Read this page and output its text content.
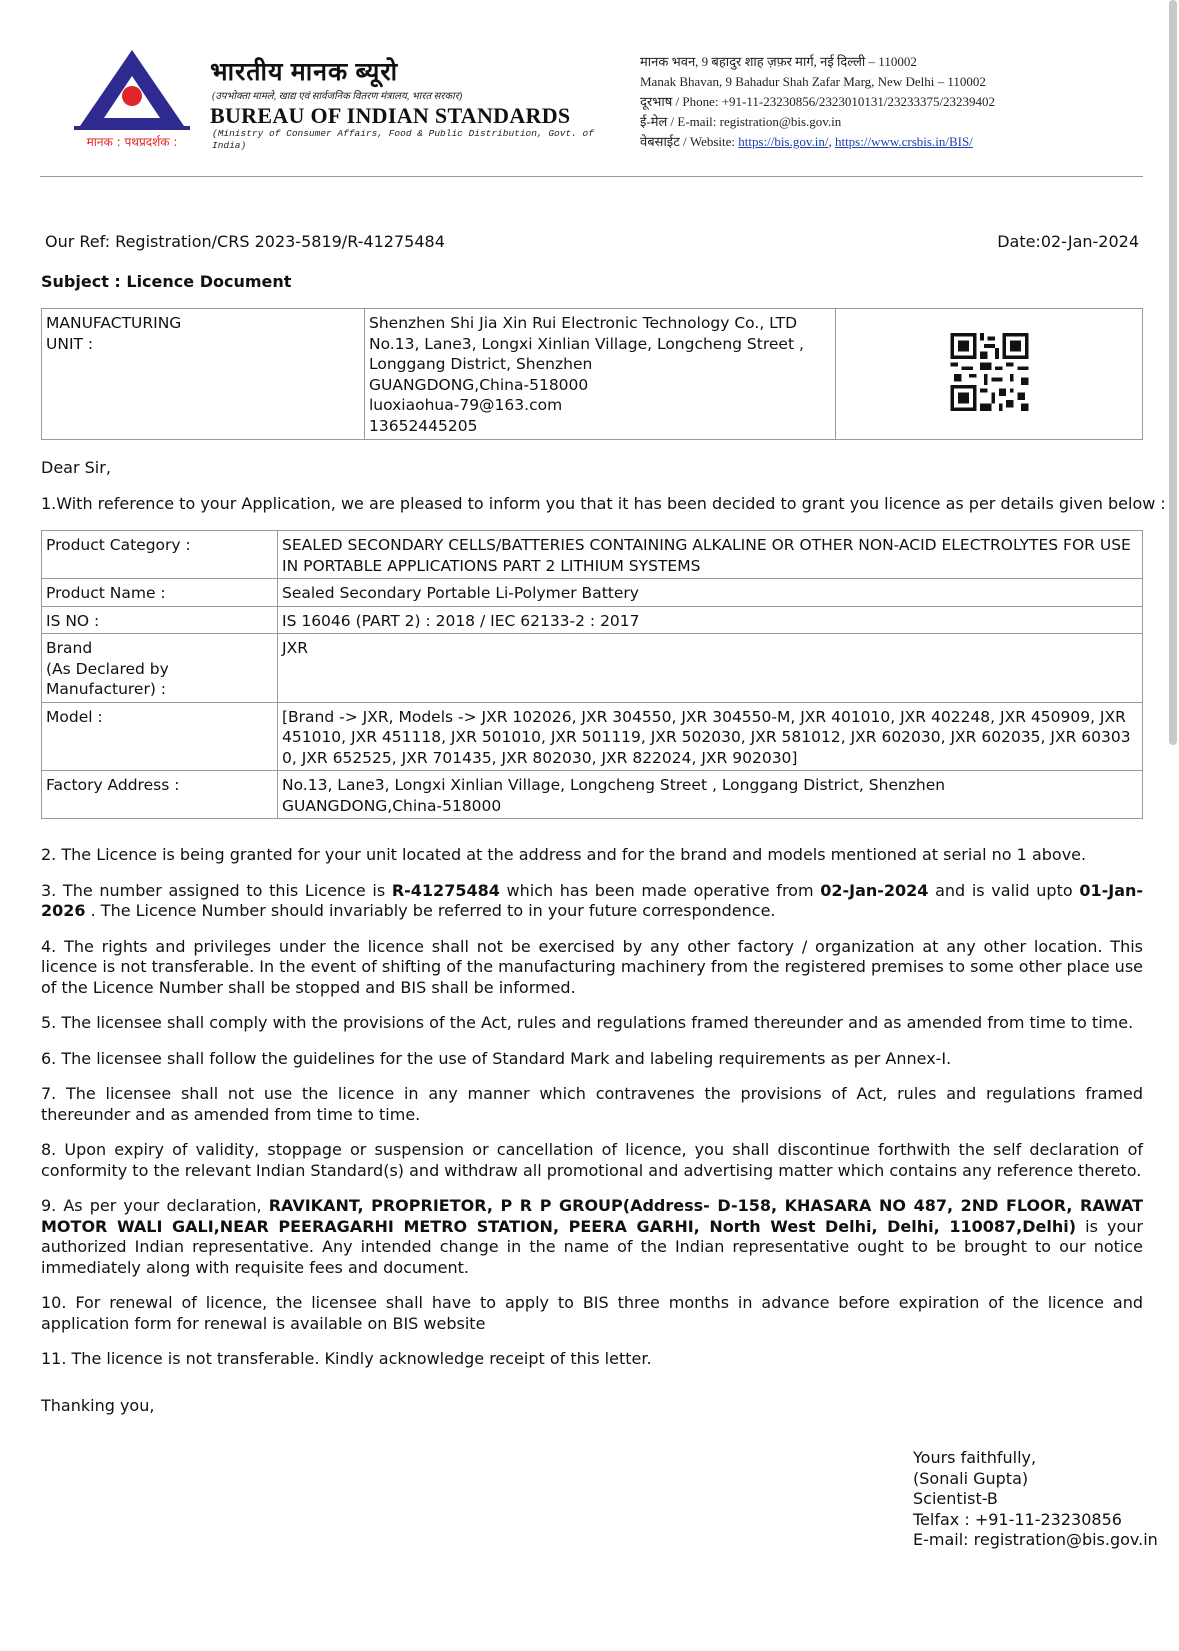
मानक : पथप्रदर्शक :
भारतीय मानक ब्यूरो
(उपभोक्ता मामले, खाद्य एवं सार्वजनिक वितरण मंत्रालय, भारत सरकार)
BUREAU OF INDIAN STANDARDS
(Ministry of Consumer Affairs, Food & Public Distribution, Govt. of India)
मानक भवन, 9 बहादुर शाह ज़फ़र मार्ग, नई दिल्ली – 110002
Manak Bhavan, 9 Bahadur Shah Zafar Marg, New Delhi – 110002
दूरभाष / Phone: +91-11-23230856/2323010131/23233375/23239402
ई-मेल / E-mail: registration@bis.gov.in
वेबसाईट / Website: https://bis.gov.in/, https://www.crsbis.in/BIS/
Our Ref: Registration/CRS 2023-5819/R-41275484	Date:02-Jan-2024
Subject : Licence Document
MANUFACTURING
UNIT :

Shenzhen Shi Jia Xin Rui Electronic Technology Co., LTD
No.13, Lane3, Longxi Xinlian Village, Longcheng Street ,
Longgang District, Shenzhen
GUANGDONG,China-518000
luoxiaohua-79@163.com
13652445205

Dear Sir,
1.With reference to your Application, we are pleased to inform you that it has been decided to grant you licence as per details given below :
Product Category :	SEALED SECONDARY CELLS/BATTERIES CONTAINING ALKALINE OR OTHER NON-ACID ELECTROLYTES FOR USE IN PORTABLE APPLICATIONS PART 2 LITHIUM SYSTEMS
Product Name :	Sealed Secondary Portable Li-Polymer Battery
IS NO :	IS 16046 (PART 2) : 2018 / IEC 62133-2 : 2017

Brand
(As Declared by
Manufacturer) :	JXR
Model :	[Brand -> JXR, Models -> JXR 102026, JXR 304550, JXR 304550-M, JXR 401010, JXR 402248, JXR 450909, JXR 451010, JXR 451118, JXR 501010, JXR 501119, JXR 502030, JXR 581012, JXR 602030, JXR 602035, JXR 603030, JXR 652525, JXR 701435, JXR 802030, JXR 822024, JXR 902030]
Factory Address :	No.13, Lane3, Longxi Xinlian Village, Longcheng Street , Longgang District, Shenzhen
GUANGDONG,China-518000

2. The Licence is being granted for your unit located at the address and for the brand and models mentioned at serial no 1 above.

3. The number assigned to this Licence is R-41275484 which has been made operative from 02-Jan-2024 and is valid upto 01-Jan-2026 . The Licence Number should invariably be referred to in your future correspondence.

4. The rights and privileges under the licence shall not be exercised by any other factory / organization at any other location. This licence is not transferable. In the event of shifting of the manufacturing machinery from the registered premises to some other place use of the Licence Number shall be stopped and BIS shall be informed.

5. The licensee shall comply with the provisions of the Act, rules and regulations framed thereunder and as amended from time to time.

6. The licensee shall follow the guidelines for the use of Standard Mark and labeling requirements as per Annex-I.

7. The licensee shall not use the licence in any manner which contravenes the provisions of Act, rules and regulations framed thereunder and as amended from time to time.

8. Upon expiry of validity, stoppage or suspension or cancellation of licence, you shall discontinue forthwith the self declaration of conformity to the relevant Indian Standard(s) and withdraw all promotional and advertising matter which contains any reference thereto.

9. As per your declaration, RAVIKANT, PROPRIETOR, P R P GROUP(Address- D-158, KHASARA NO 487, 2ND FLOOR, RAWAT MOTOR WALI GALI,NEAR PEERAGARHI METRO STATION, PEERA GARHI, North West Delhi, Delhi, 110087,Delhi) is your authorized Indian representative. Any intended change in the name of the Indian representative ought to be brought to our notice immediately along with requisite fees and document.

10. For renewal of licence, the licensee shall have to apply to BIS three months in advance before expiration of the licence and application form for renewal is available on BIS website

11. The licence is not transferable. Kindly acknowledge receipt of this letter.

Thanking you,
Yours faithfully,
(Sonali Gupta)
Scientist-B
Telfax : +91-11-23230856
E-mail: registration@bis.gov.in
